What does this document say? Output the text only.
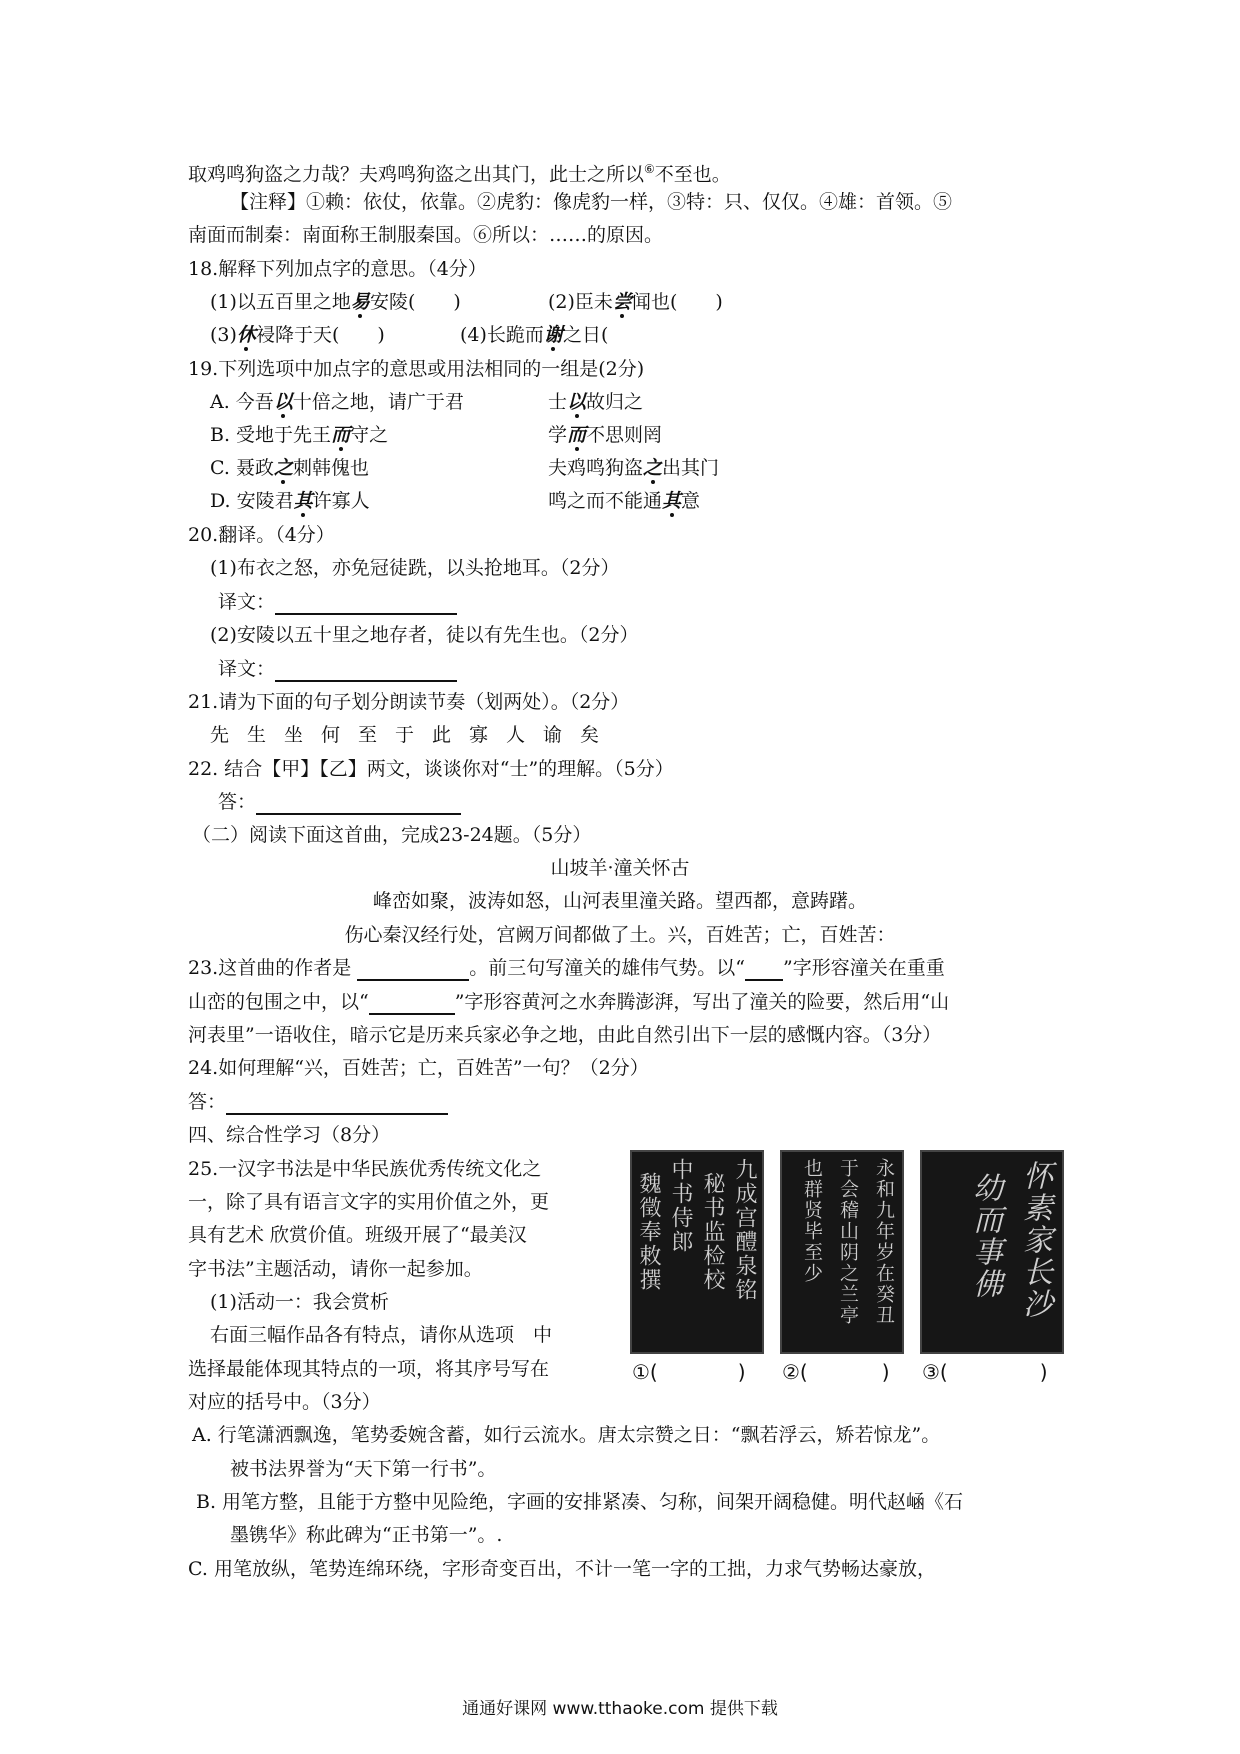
取鸡鸣狗盗之力哉？夫鸡鸣狗盗之出其门，此士之所以⑥不至也。
【注释】①赖：依仗，依靠。②虎豹：像虎豹一样，③特：只、仅仅。④雄：首领。⑤
南面而制秦：南面称王制服秦国。⑥所以：……的原因。
18.解释下列加点字的意思。（4分）
(1)以五百里之地易安陵(　　)	(2)臣未尝闻也(　　)
(3)休祲降于天(　　)	(4)长跪而谢之日(
19.下列选项中加点字的意思或用法相同的一组是(2分)
A. 今吾以十倍之地，请广于君	士以故归之
B. 受地于先王而守之	学而不思则罔
C. 聂政之刺韩傀也	夫鸡鸣狗盗之出其门
D. 安陵君其许寡人	鸣之而不能通其意
20.翻译。（4分）
(1)布衣之怒，亦免冠徒跣，以头抢地耳。（2分）
译文：
(2)安陵以五十里之地存者，徒以有先生也。（2分）
译文：
21.请为下面的句子划分朗读节奏（划两处）。（2分）
先生坐何至于此寡人谕矣
22. 结合【甲】【乙】两文，谈谈你对“士”的理解。（5分）
答：
（二）阅读下面这首曲，完成23-24题。（5分）
山坡羊·潼关怀古
峰峦如聚，波涛如怒，山河表里潼关路。望西都，意踌躇。
伤心秦汉经行处，宫阙万间都做了土。兴，百姓苦；亡，百姓苦：
23.这首曲的作者是	。前三句写潼关的雄伟气势。以“ ”字形容潼关在重重
山峦的包围之中，以“	”字形容黄河之水奔腾澎湃，写出了潼关的险要，然后用“山
河表里”一语收住，暗示它是历来兵家必争之地，由此自然引出下一层的感慨内容。（3分）
24.如何理解“兴，百姓苦；亡，百姓苦”一句？（2分）
答：
四、综合性学习（8分）
25.一汉字书法是中华民族优秀传统文化之
一，除了具有语言文字的实用价值之外，更
具有艺术 欣赏价值。班级开展了“最美汉
字书法”主题活动，请你一起参加。
(1)活动一：我会赏析
右面三幅作品各有特点，请你从选项　中
选择最能体现其特点的一项，将其序号写在
对应的括号中。（3分）
九成宫醴泉铭
秘书监检校
中书侍郎
魏徵奉敕撰
①(	)
永和九年岁在癸丑
于会稽山阴之兰亭
也群贤毕至少
②(	)
怀素家长沙
幼而事佛
③(	)
A. 行笔潇洒飘逸，笔势委婉含蓄，如行云流水。唐太宗赞之日：“飘若浮云，矫若惊龙”。
被书法界誉为“天下第一行书”。
B. 用笔方整，且能于方整中见险绝，字画的安排紧凑、匀称，间架开阔稳健。明代赵崡《石
墨镌华》称此碑为“正书第一”。.
C. 用笔放纵，笔势连绵环绕，字形奇变百出，不计一笔一字的工拙，力求气势畅达豪放，
通通好课网 www.tthaoke.com 提供下载
